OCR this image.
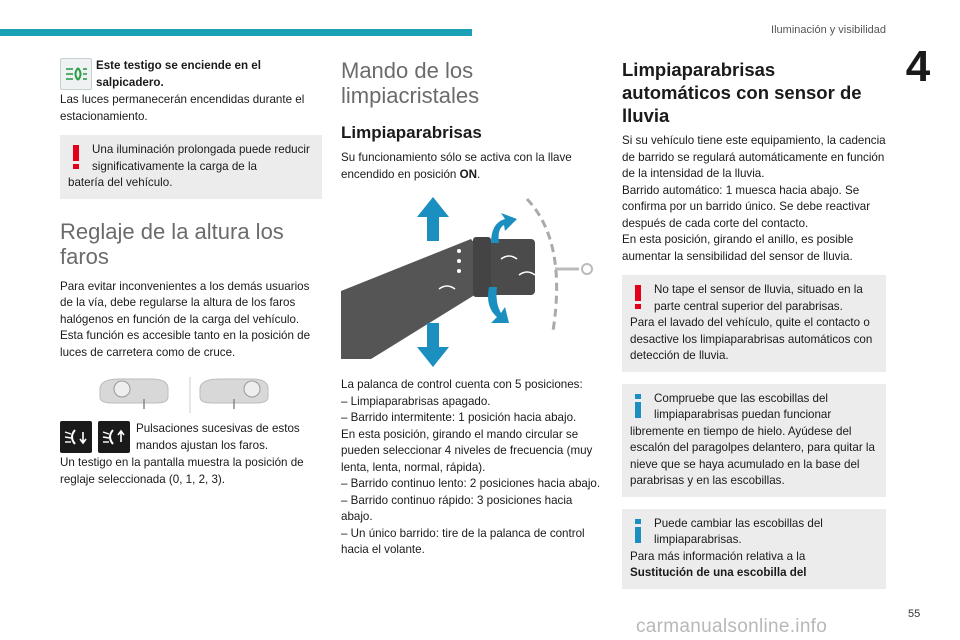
Iluminación y visibilidad
4
Este testigo se enciende en el salpicadero.
Las luces permanecerán encendidas durante el estacionamiento.
Una iluminación prolongada puede reducir significativamente la carga de la
batería del vehículo.
Reglaje de la altura los faros

Para evitar inconvenientes a los demás usuarios de la vía, debe regularse la altura de los faros halógenos en función de la carga del vehículo. Esta función es accesible tanto en la posición de luces de carretera como de cruce.

Pulsaciones sucesivas de estos mandos ajustan los faros.
Un testigo en la pantalla muestra la posición de reglaje seleccionada (0, 1, 2, 3).
Mando de los limpiacristales
Limpiaparabrisas

Su funcionamiento sólo se activa con la llave encendido en posición ON.

La palanca de control cuenta con 5 posiciones:

– Limpiaparabrisas apagado.
– Barrido intermitente: 1 posición hacia abajo.
En esta posición, girando el mando circular se pueden seleccionar 4 niveles de frecuencia (muy lenta, lenta, normal, rápida).
– Barrido continuo lento: 2 posiciones hacia abajo.
– Barrido continuo rápido: 3 posiciones hacia abajo.
– Un único barrido: tire de la palanca de control hacia el volante.
Limpiaparabrisas automáticos con sensor de lluvia
Si su vehículo tiene este equipamiento, la cadencia de barrido se regulará automáticamente en función de la intensidad de la lluvia.
Barrido automático: 1 muesca hacia abajo. Se confirma por un barrido único. Se debe reactivar después de cada corte del contacto.
En esta posición, girando el anillo, es posible aumentar la sensibilidad del sensor de lluvia.
No tape el sensor de lluvia, situado en la parte central superior del parabrisas.
Para el lavado del vehículo, quite el contacto o desactive los limpiaparabrisas automáticos con detección de lluvia.
Compruebe que las escobillas del limpiaparabrisas puedan funcionar
libremente en tiempo de hielo. Ayúdese del escalón del paragolpes delantero, para quitar la nieve que se haya acumulado en la base del parabrisas y en las escobillas.
Puede cambiar las escobillas del limpiaparabrisas.
Para más información relativa a la
Sustitución de una escobilla del
55
carmanualsonline.info
